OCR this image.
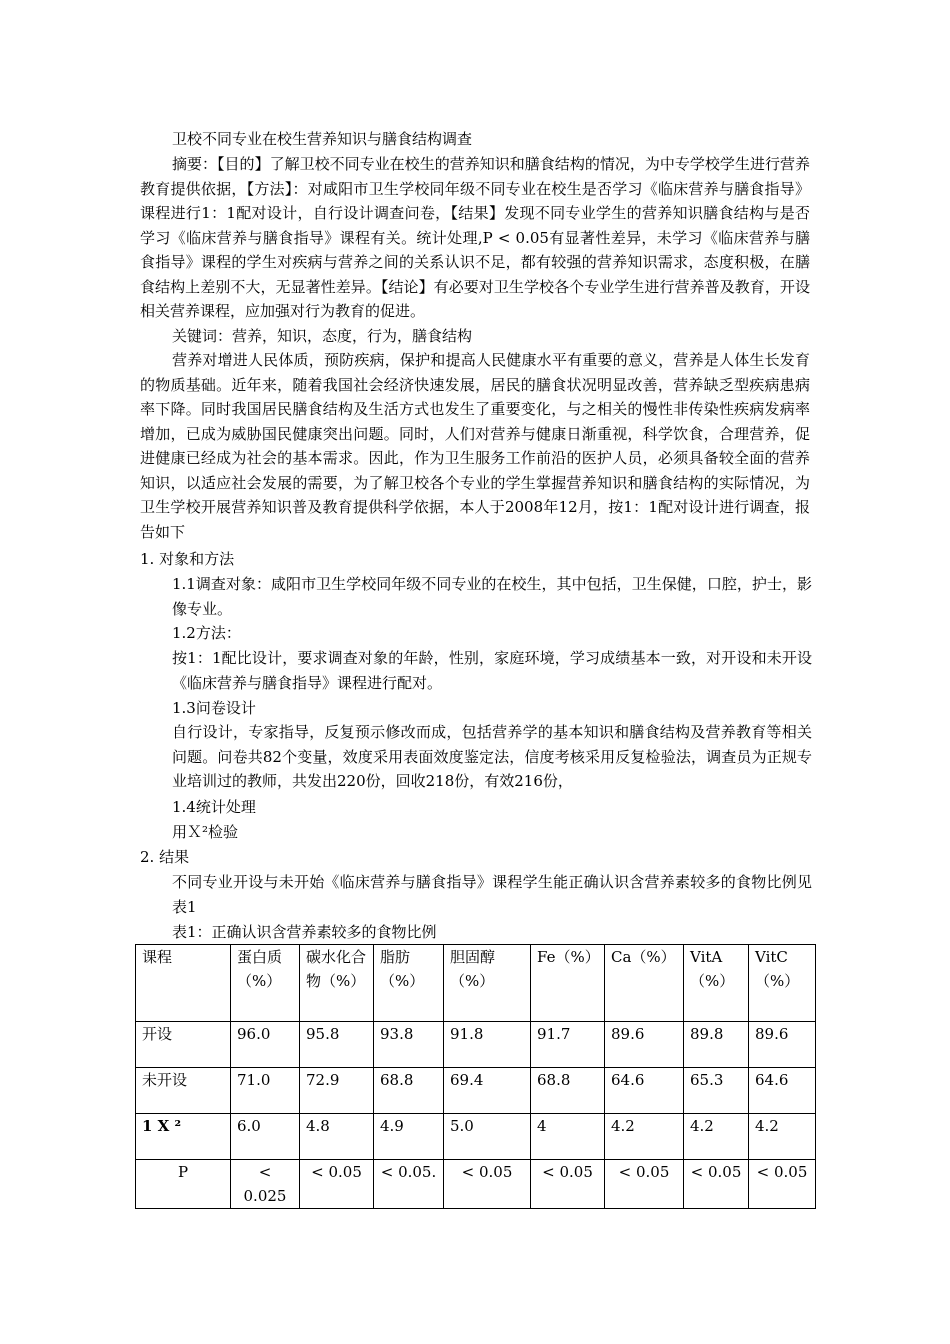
卫校不同专业在校生营养知识与膳食结构调查

摘要：【目的】了解卫校不同专业在校生的营养知识和膳食结构的情况，为中专学校学生进行营养教育提供依据，【方法】：对咸阳市卫生学校同年级不同专业在校生是否学习《临床营养与膳食指导》课程进行1：1配对设计，自行设计调查问卷，【结果】发现不同专业学生的营养知识膳食结构与是否学习《临床营养与膳食指导》课程有关。统计处理,P < 0.05有显著性差异，未学习《临床营养与膳食指导》课程的学生对疾病与营养之间的关系认识不足，都有较强的营养知识需求，态度积极，在膳食结构上差别不大，无显著性差异。【结论】有必要对卫生学校各个专业学生进行营养普及教育，开设相关营养课程，应加强对行为教育的促进。

关键词：营养，知识，态度，行为，膳食结构

营养对增进人民体质，预防疾病，保护和提高人民健康水平有重要的意义，营养是人体生长发育的物质基础。近年来，随着我国社会经济快速发展，居民的膳食状况明显改善，营养缺乏型疾病患病率下降。同时我国居民膳食结构及生活方式也发生了重要变化，与之相关的慢性非传染性疾病发病率增加，已成为威胁国民健康突出问题。同时，人们对营养与健康日渐重视，科学饮食，合理营养，促进健康已经成为社会的基本需求。因此，作为卫生服务工作前沿的医护人员，必须具备较全面的营养知识，以适应社会发展的需要，为了解卫校各个专业的学生掌握营养知识和膳食结构的实际情况，为卫生学校开展营养知识普及教育提供科学依据，本人于2008年12月，按1：1配对设计进行调查，报告如下

1. 对象和方法

1.1调查对象：咸阳市卫生学校同年级不同专业的在校生，其中包括，卫生保健，口腔，护士，影像专业。

1.2方法：

按1：1配比设计，要求调查对象的年龄，性别，家庭环境，学习成绩基本一致，对开设和未开设《临床营养与膳食指导》课程进行配对。

1.3问卷设计

自行设计，专家指导，反复预示修改而成，包括营养学的基本知识和膳食结构及营养教育等相关问题。问卷共82个变量，效度采用表面效度鉴定法，信度考核采用反复检验法，调查员为正规专业培训过的教师，共发出220份，回收218份，有效216份，

1.4统计处理

用Ｘ²检验

2. 结果

不同专业开设与未开始《临床营养与膳食指导》课程学生能正确认识含营养素较多的食物比例见表1

表1：正确认识含营养素较多的食物比例

课程	蛋白质（%）	碳水化合物（%）	脂肪（%）	胆固醇（%）	Fe（%）	Ca（%）	VitA（%）	VitC（%）
开设	96.0	95.8	93.8	91.8	91.7	89.6	89.8	89.6
未开设	71.0	72.9	68.8	69.4	68.8	64.6	65.3	64.6
1 X ²	6.0	4.8	4.9	5.0	4	4.2	4.2	4.2
P	< 0.025	< 0.05	< 0.05.	< 0.05	< 0.05	< 0.05	< 0.05	< 0.05
